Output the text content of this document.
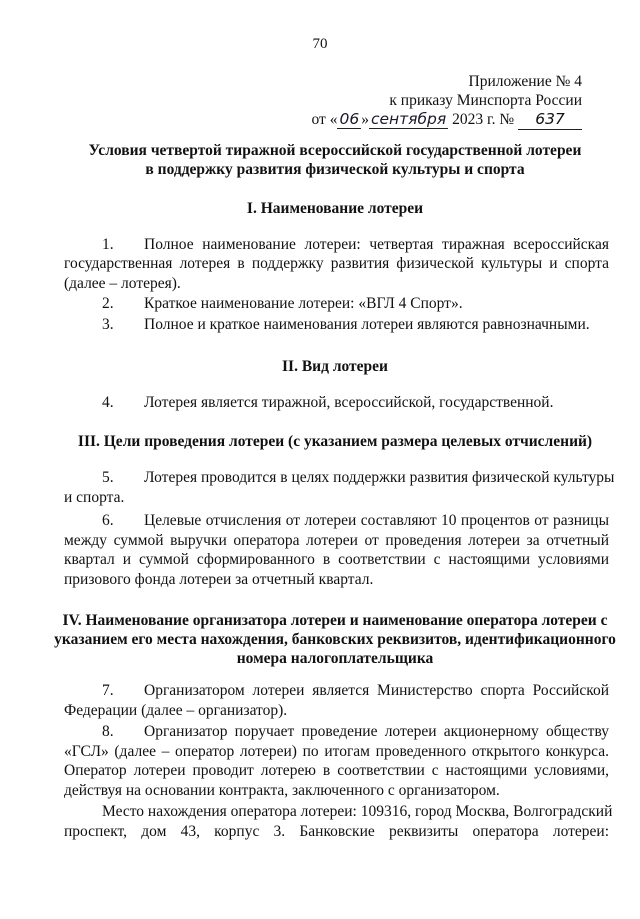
70
Приложение № 4
к приказу Минспорта России
от « 06 » сентября 2023 г. № 637
Условия четвертой тиражной всероссийской государственной лотереи
в поддержку развития физической культуры и спорта
I. Наименование лотереи
1. Полное наименование лотереи: четвертая тиражная всероссийская
государственная лотерея в поддержку развития физической культуры и спорта
(далее – лотерея).
2. Краткое наименование лотереи: «ВГЛ 4 Спорт».
3. Полное и краткое наименования лотереи являются равнозначными.
II. Вид лотереи
4. Лотерея является тиражной, всероссийской, государственной.
III. Цели проведения лотереи (с указанием размера целевых отчислений)
5. Лотерея проводится в целях поддержки развития физической культуры
и спорта.
6. Целевые отчисления от лотереи составляют 10 процентов от разницы
между суммой выручки оператора лотереи от проведения лотереи за отчетный
квартал и суммой сформированного в соответствии с настоящими условиями
призового фонда лотереи за отчетный квартал.
IV. Наименование организатора лотереи и наименование оператора лотереи с
указанием его места нахождения, банковских реквизитов, идентификационного
номера налогоплательщика
7. Организатором лотереи является Министерство спорта Российской
Федерации (далее – организатор).
8. Организатор поручает проведение лотереи акционерному обществу
«ГСЛ» (далее – оператор лотереи) по итогам проведенного открытого конкурса.
Оператор лотереи проводит лотерею в соответствии с настоящими условиями,
действуя на основании контракта, заключенного с организатором.
Место нахождения оператора лотереи: 109316, город Москва, Волгоградский
проспект, дом 43, корпус 3. Банковские реквизиты оператора лотереи:
